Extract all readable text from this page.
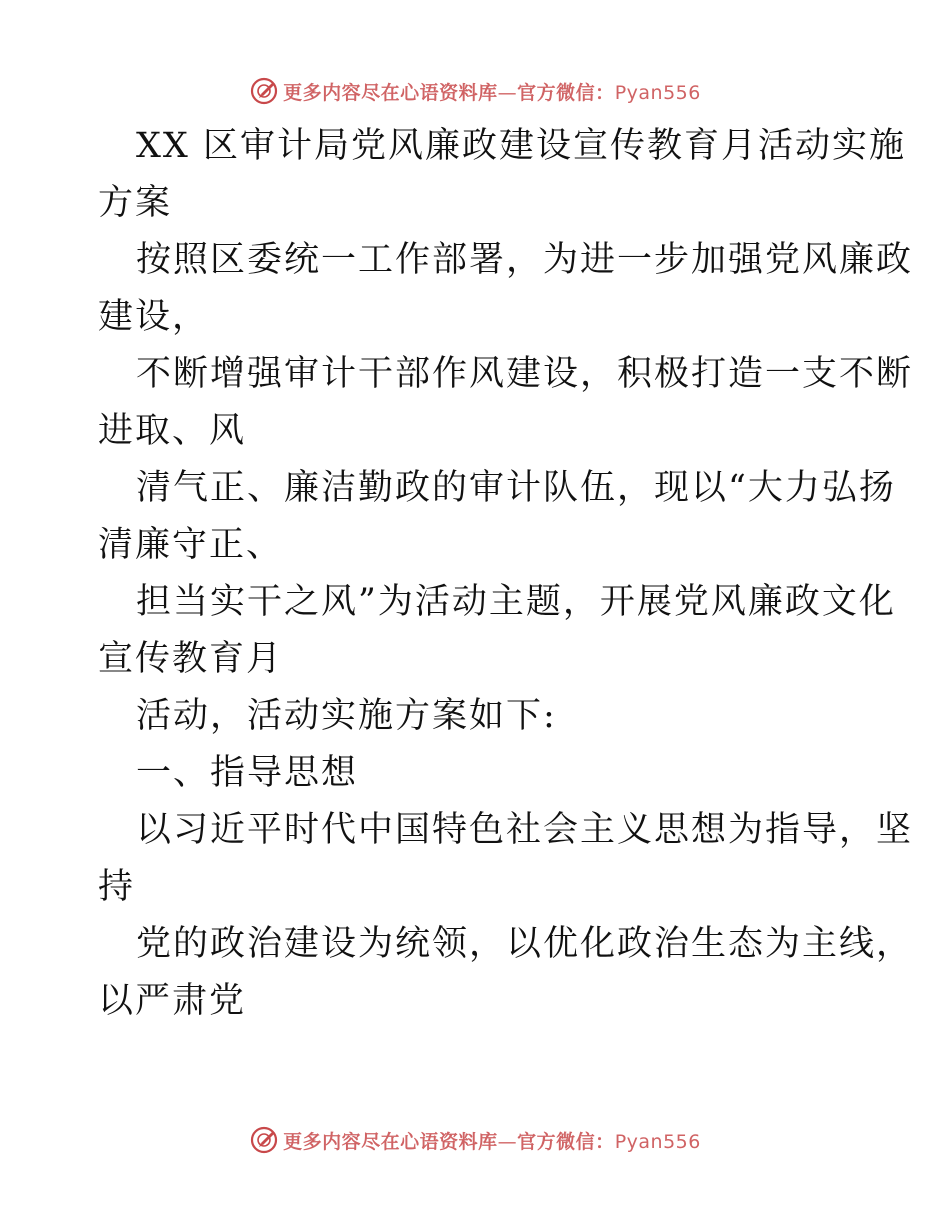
更多内容尽在心语资料库—官方微信：Pyan556

XX 区审计局党风廉政建设宣传教育月活动实施

方案

按照区委统一工作部署，为进一步加强党风廉政

建设，

不断增强审计干部作风建设，积极打造一支不断

进取、风

清气正、廉洁勤政的审计队伍，现以“大力弘扬

清廉守正、

担当实干之风”为活动主题，开展党风廉政文化

宣传教育月

活动，活动实施方案如下:

一、指导思想

以习近平时代中国特色社会主义思想为指导，坚

持

党的政治建设为统领，以优化政治生态为主线，

以严肃党

更多内容尽在心语资料库—官方微信：Pyan556
